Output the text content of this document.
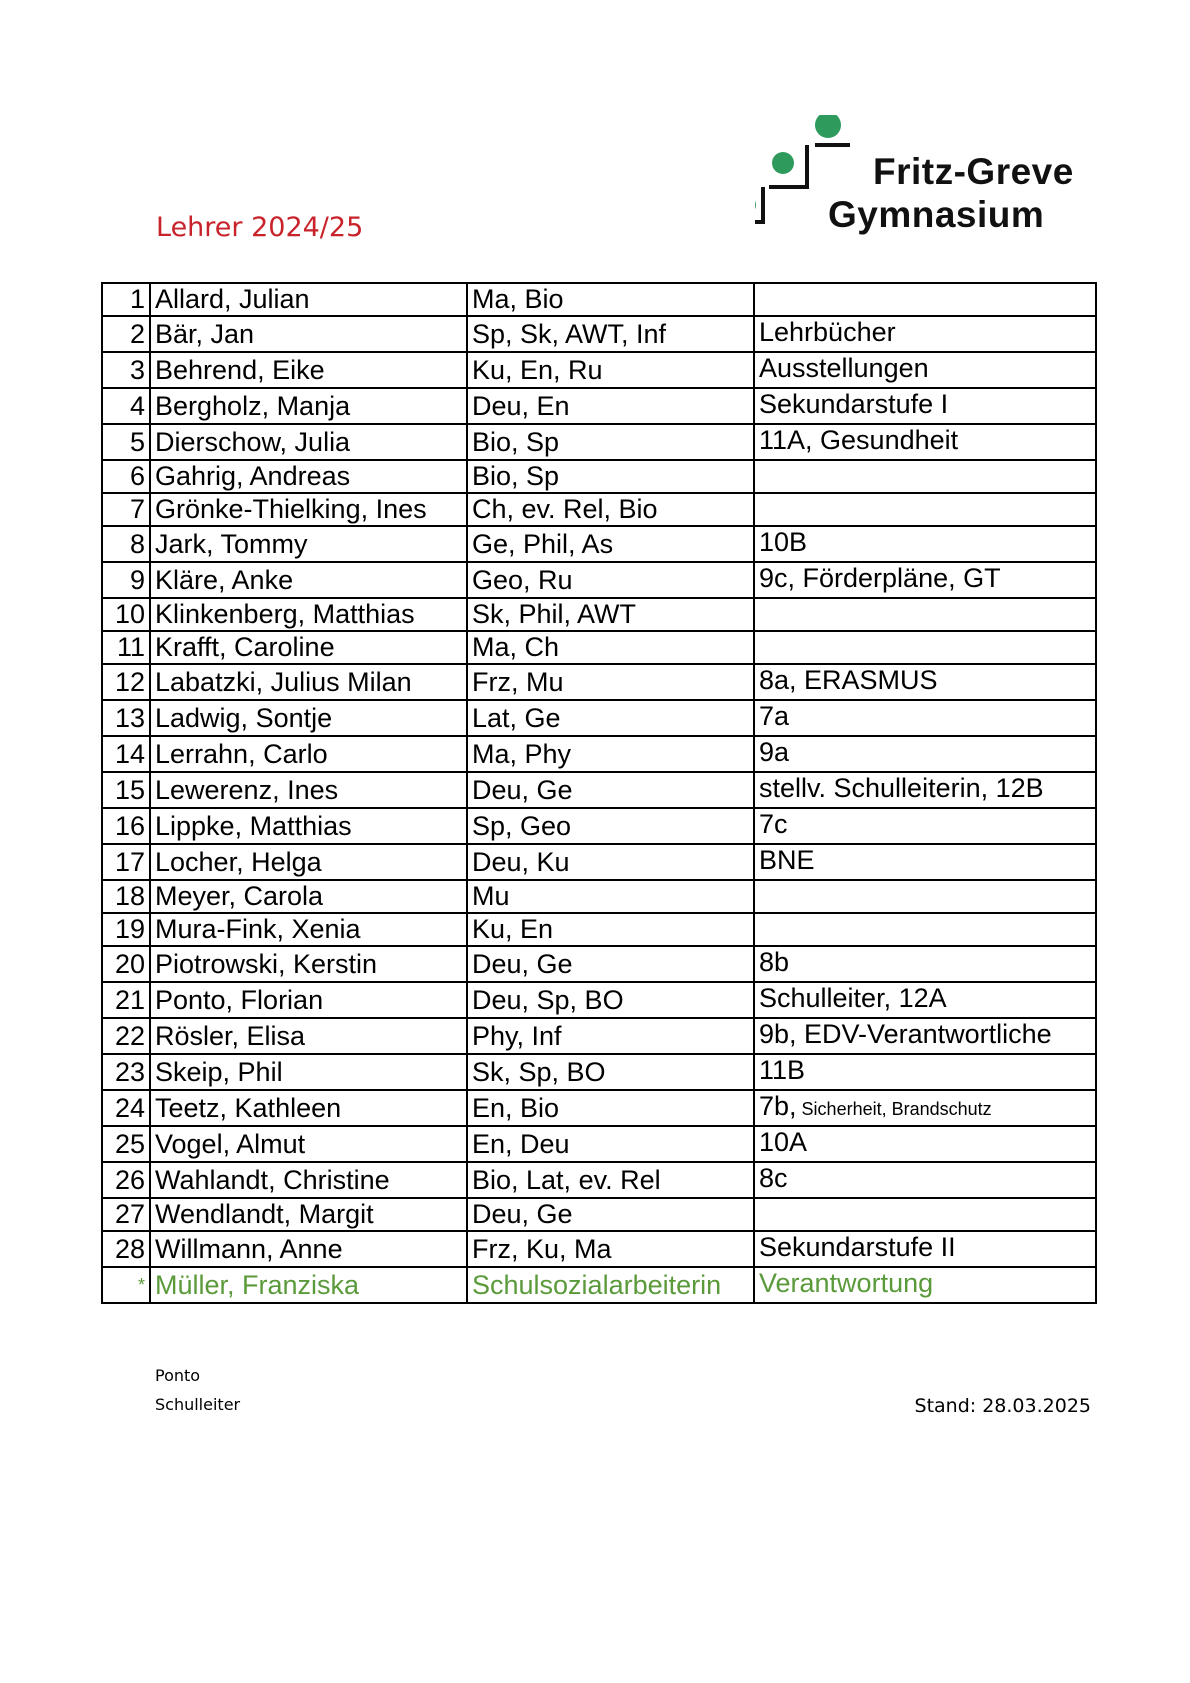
Lehrer 2024/25
Fritz-Greve
Gymnasium
1	Allard, Julian	Ma, Bio	
2	Bär, Jan	Sp, Sk, AWT, Inf	Lehrbücher
3	Behrend, Eike	Ku, En, Ru	Ausstellungen
4	Bergholz, Manja	Deu, En	Sekundarstufe I
5	Dierschow, Julia	Bio, Sp	11A, Gesundheit
6	Gahrig, Andreas	Bio, Sp	
7	Grönke-Thielking, Ines	Ch, ev. Rel, Bio	
8	Jark, Tommy	Ge, Phil, As	10B
9	Kläre, Anke	Geo, Ru	9c, Förderpläne, GT
10	Klinkenberg, Matthias	Sk, Phil, AWT	
11	Krafft, Caroline	Ma, Ch	
12	Labatzki, Julius Milan	Frz, Mu	8a, ERASMUS
13	Ladwig, Sontje	Lat, Ge	7a
14	Lerrahn, Carlo	Ma, Phy	9a
15	Lewerenz, Ines	Deu, Ge	stellv. Schulleiterin, 12B
16	Lippke, Matthias	Sp, Geo	7c
17	Locher, Helga	Deu, Ku	BNE
18	Meyer, Carola	Mu	
19	Mura-Fink, Xenia	Ku, En	
20	Piotrowski, Kerstin	Deu, Ge	8b
21	Ponto, Florian	Deu, Sp, BO	Schulleiter, 12A
22	Rösler, Elisa	Phy, Inf	9b, EDV-Verantwortliche
23	Skeip, Phil	Sk, Sp, BO	11B
24	Teetz, Kathleen	En, Bio	7b, Sicherheit, Brandschutz
25	Vogel, Almut	En, Deu	10A
26	Wahlandt, Christine	Bio, Lat, ev. Rel	8c
27	Wendlandt, Margit	Deu, Ge	
28	Willmann, Anne	Frz, Ku, Ma	Sekundarstufe II
*	Müller, Franziska	Schulsozialarbeiterin	Verantwortung
Ponto
Schulleiter	Stand: 28.03.2025
